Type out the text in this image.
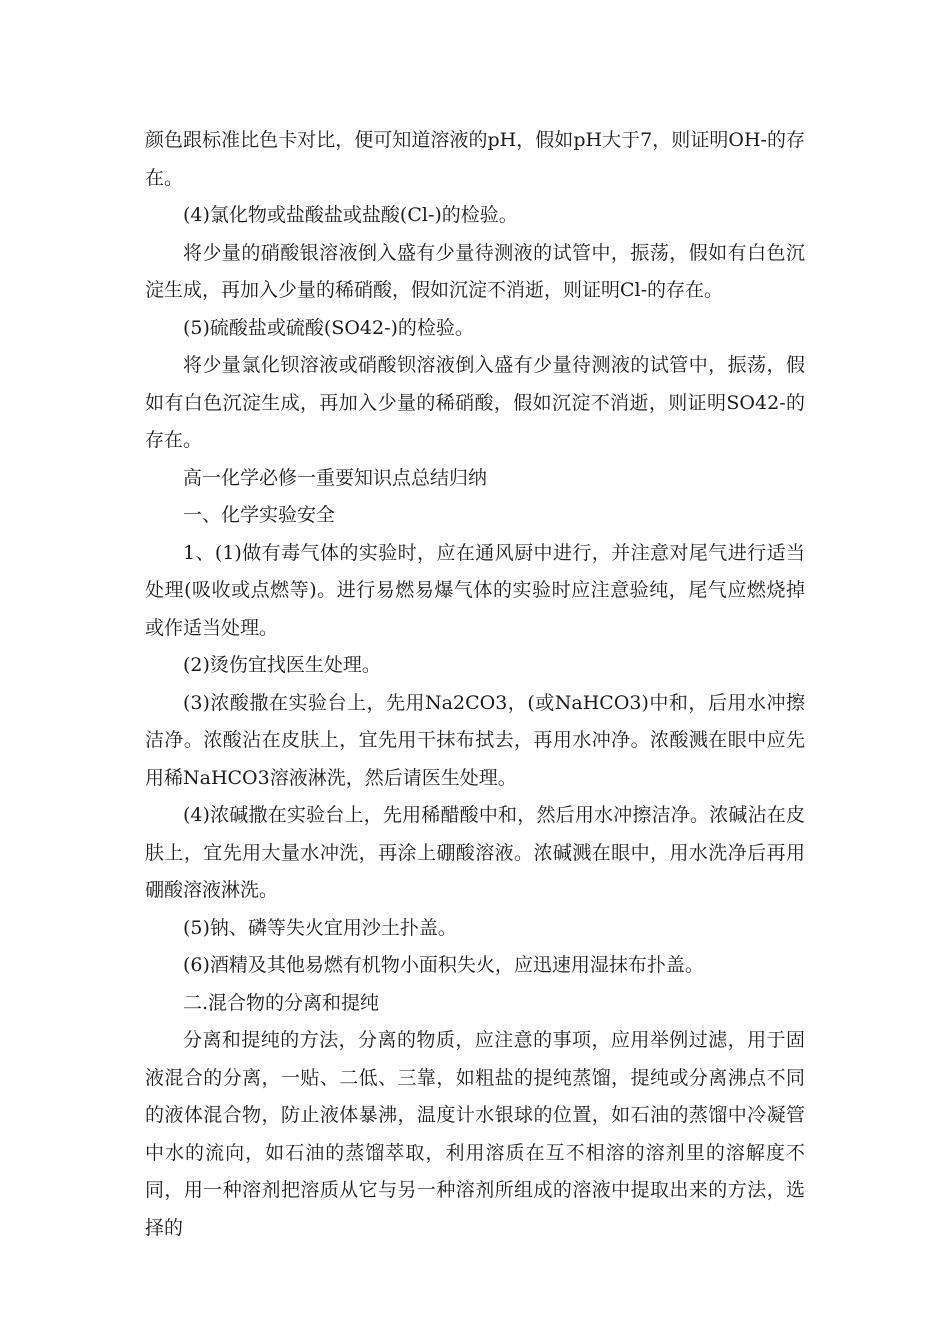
颜色跟标准比色卡对比，便可知道溶液的pH，假如pH大于7，则证明OH-的存在。

(4)氯化物或盐酸盐或盐酸(Cl-)的检验。

将少量的硝酸银溶液倒入盛有少量待测液的试管中，振荡，假如有白色沉淀生成，再加入少量的稀硝酸，假如沉淀不消逝，则证明Cl-的存在。

(5)硫酸盐或硫酸(SO42-)的检验。

将少量氯化钡溶液或硝酸钡溶液倒入盛有少量待测液的试管中，振荡，假如有白色沉淀生成，再加入少量的稀硝酸，假如沉淀不消逝，则证明SO42-的存在。

高一化学必修一重要知识点总结归纳

一、化学实验安全

1、(1)做有毒气体的实验时，应在通风厨中进行，并注意对尾气进行适当处理(吸收或点燃等)。进行易燃易爆气体的实验时应注意验纯，尾气应燃烧掉或作适当处理。

(2)烫伤宜找医生处理。

(3)浓酸撒在实验台上，先用Na2CO3，(或NaHCO3)中和，后用水冲擦洁净。浓酸沾在皮肤上，宜先用干抹布拭去，再用水冲净。浓酸溅在眼中应先用稀NaHCO3溶液淋洗，然后请医生处理。

(4)浓碱撒在实验台上，先用稀醋酸中和，然后用水冲擦洁净。浓碱沾在皮肤上，宜先用大量水冲洗，再涂上硼酸溶液。浓碱溅在眼中，用水洗净后再用硼酸溶液淋洗。

(5)钠、磷等失火宜用沙土扑盖。

(6)酒精及其他易燃有机物小面积失火，应迅速用湿抹布扑盖。

二.混合物的分离和提纯

分离和提纯的方法，分离的物质，应注意的事项，应用举例过滤，用于固液混合的分离，一贴、二低、三靠，如粗盐的提纯蒸馏，提纯或分离沸点不同的液体混合物，防止液体暴沸，温度计水银球的位置，如石油的蒸馏中冷凝管中水的流向，如石油的蒸馏萃取，利用溶质在互不相溶的溶剂里的溶解度不同，用一种溶剂把溶质从它与另一种溶剂所组成的溶液中提取出来的方法，选择的
